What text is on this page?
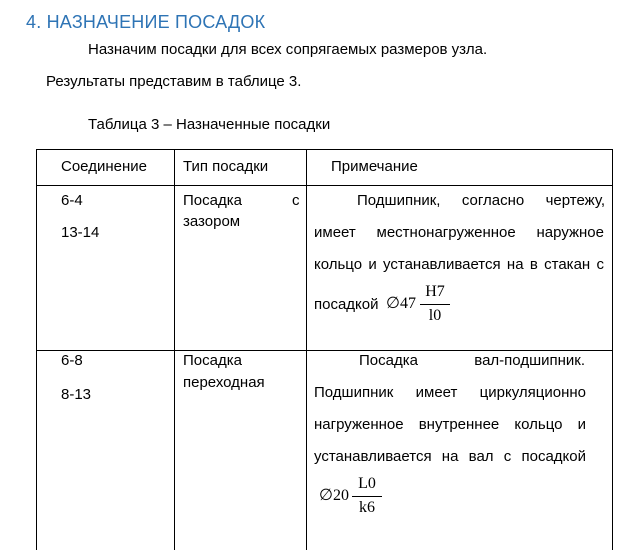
4. НАЗНАЧЕНИЕ ПОСАДОК
Назначим посадки для всех сопрягаемых размеров узла.
Результаты представим в таблице 3.
Таблица 3 – Назначенные посадки
Соединение Тип посадки	Примечание
6-4
13-14
Посадка	с
зазором
Подшипник, согласно чертежу,
имеет местнонагруженное наружное
кольцо и устанавливается на в стакан с
посадкой ∅47
H7
l0
6-8
8-13
Посадка
переходная
Посадка вал-подшипник.
Подшипник имеет циркуляционно
нагруженное внутреннее кольцо и
устанавливается на вал с посадкой
∅20
L0
k6
